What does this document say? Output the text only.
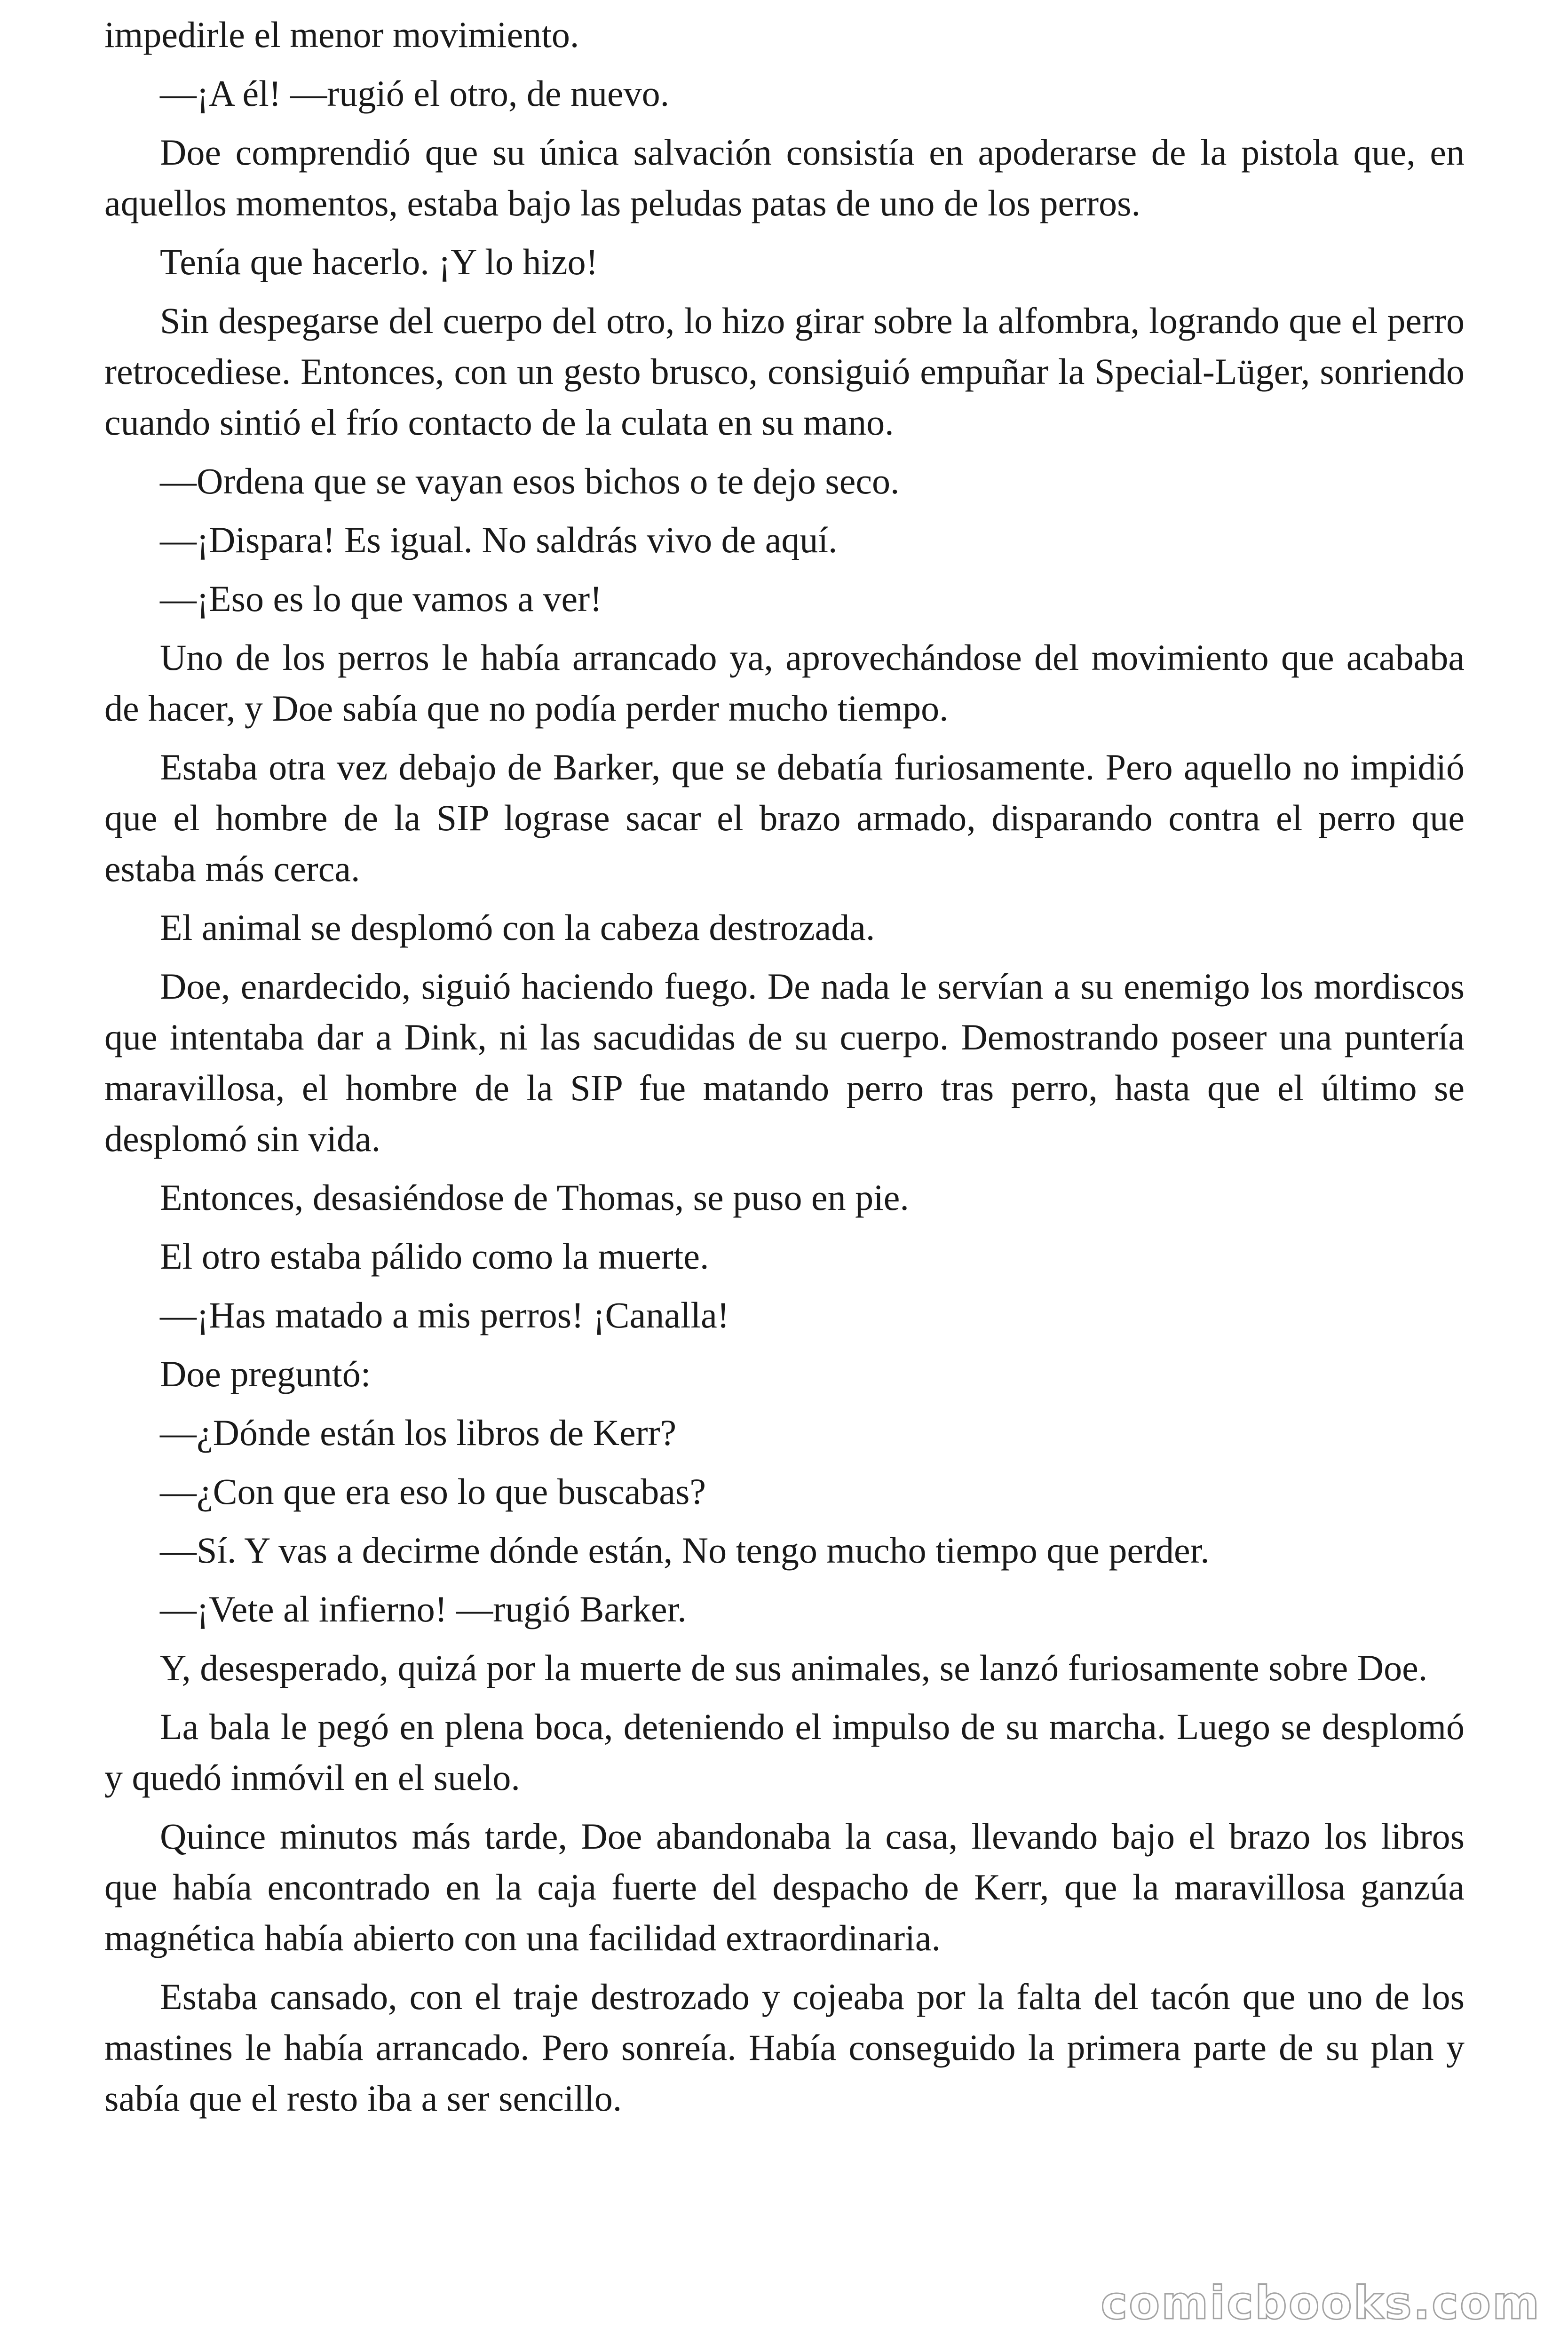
impedirle el menor movimiento.

—¡A él! —rugió el otro, de nuevo.

Doe comprendió que su única salvación consistía en apoderarse de la pistola que, en aquellos momentos, estaba bajo las peludas patas de uno de los perros.

Tenía que hacerlo. ¡Y lo hizo!

Sin despegarse del cuerpo del otro, lo hizo girar sobre la alfombra, logrando que el perro retrocediese. Entonces, con un gesto brusco, consiguió empuñar la Special-Lüger, sonriendo cuando sintió el frío contacto de la culata en su mano.

—Ordena que se vayan esos bichos o te dejo seco.

—¡Dispara! Es igual. No saldrás vivo de aquí.

—¡Eso es lo que vamos a ver!

Uno de los perros le había arrancado ya, aprovechándose del movimiento que acababa de hacer, y Doe sabía que no podía perder mucho tiempo.

Estaba otra vez debajo de Barker, que se debatía furiosamente. Pero aquello no impidió que el hombre de la SIP lograse sacar el brazo armado, disparando contra el perro que estaba más cerca.

El animal se desplomó con la cabeza destrozada.

Doe, enardecido, siguió haciendo fuego. De nada le servían a su enemigo los mordiscos que intentaba dar a Dink, ni las sacudidas de su cuerpo. Demostrando poseer una puntería maravillosa, el hombre de la SIP fue matando perro tras perro, hasta que el último se desplomó sin vida.

Entonces, desasiéndose de Thomas, se puso en pie.

El otro estaba pálido como la muerte.

—¡Has matado a mis perros! ¡Canalla!

Doe preguntó:

—¿Dónde están los libros de Kerr?

—¿Con que era eso lo que buscabas?

—Sí. Y vas a decirme dónde están, No tengo mucho tiempo que perder.

—¡Vete al infierno! —rugió Barker.

Y, desesperado, quizá por la muerte de sus animales, se lanzó furiosamente sobre Doe.

La bala le pegó en plena boca, deteniendo el impulso de su marcha. Luego se desplomó y quedó inmóvil en el suelo.

Quince minutos más tarde, Doe abandonaba la casa, llevando bajo el brazo los libros que había encontrado en la caja fuerte del despacho de Kerr, que la maravillosa ganzúa magnética había abierto con una facilidad extraordinaria.

Estaba cansado, con el traje destrozado y cojeaba por la falta del tacón que uno de los mastines le había arrancado. Pero sonreía. Había conseguido la primera parte de su plan y sabía que el resto iba a ser sencillo.

comicbooks.com
